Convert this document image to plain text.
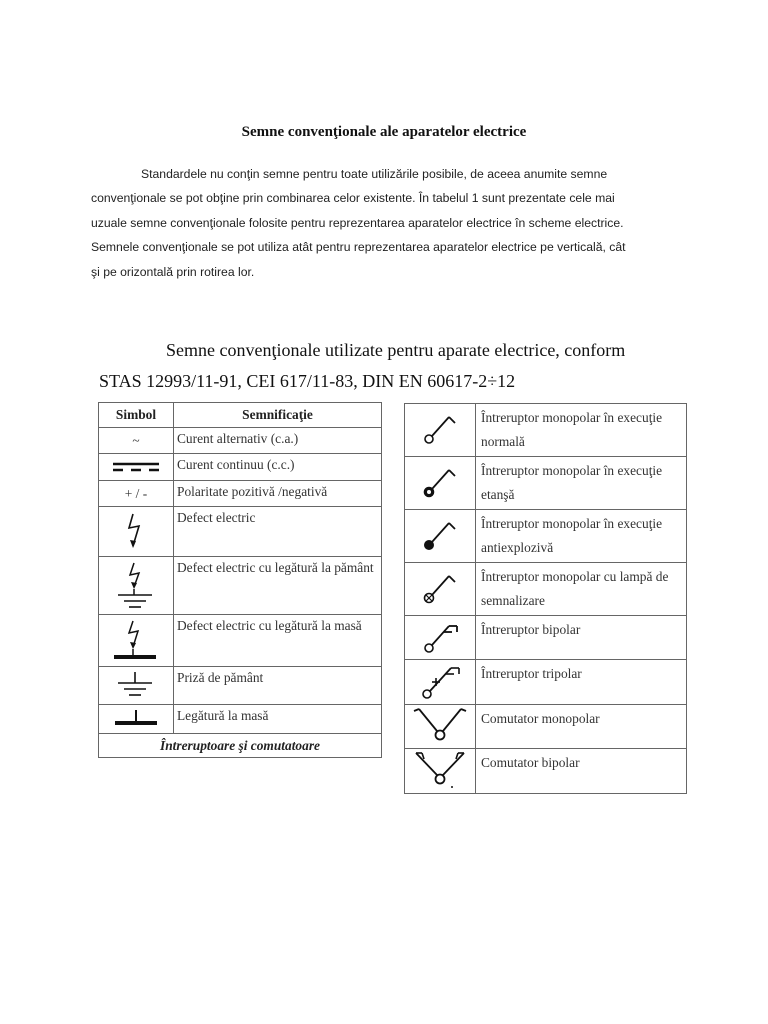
Semne convenţionale ale aparatelor electrice
Standardele nu conţin semne pentru toate utilizările posibile, de aceea anumite semne
convenţionale se pot obţine prin combinarea celor existente. În tabelul 1 sunt prezentate cele mai
uzuale semne convenţionale folosite pentru reprezentarea aparatelor electrice în scheme electrice.
Semnele convenţionale se pot utiliza atât pentru reprezentarea aparatelor electrice pe verticală, cât
şi pe orizontală prin rotirea lor.
Semne convenţionale utilizate pentru aparate electrice, conform
STAS 12993/11-91, CEI 617/11-83, DIN EN 60617-2÷12
Simbol	Semnificaţie
~	Curent alternativ (c.a.)

	Curent continuu (c.c.)
+ / -	Polaritate pozitivă /negativă

	Defect electric

	Defect electric cu legătură la pământ

	Defect electric cu legătură la masă

	Priză de pământ

	Legătură la masă
Întreruptoare şi comutatoare	
	Întreruptor monopolar în execuţie normală

	Întreruptor monopolar în execuţie etanşă

	Întreruptor monopolar în execuţie antiexplozivă

	Întreruptor monopolar cu lampă de semnalizare

	Întreruptor bipolar

	Întreruptor tripolar

	Comutator monopolar

	Comutator bipolar
